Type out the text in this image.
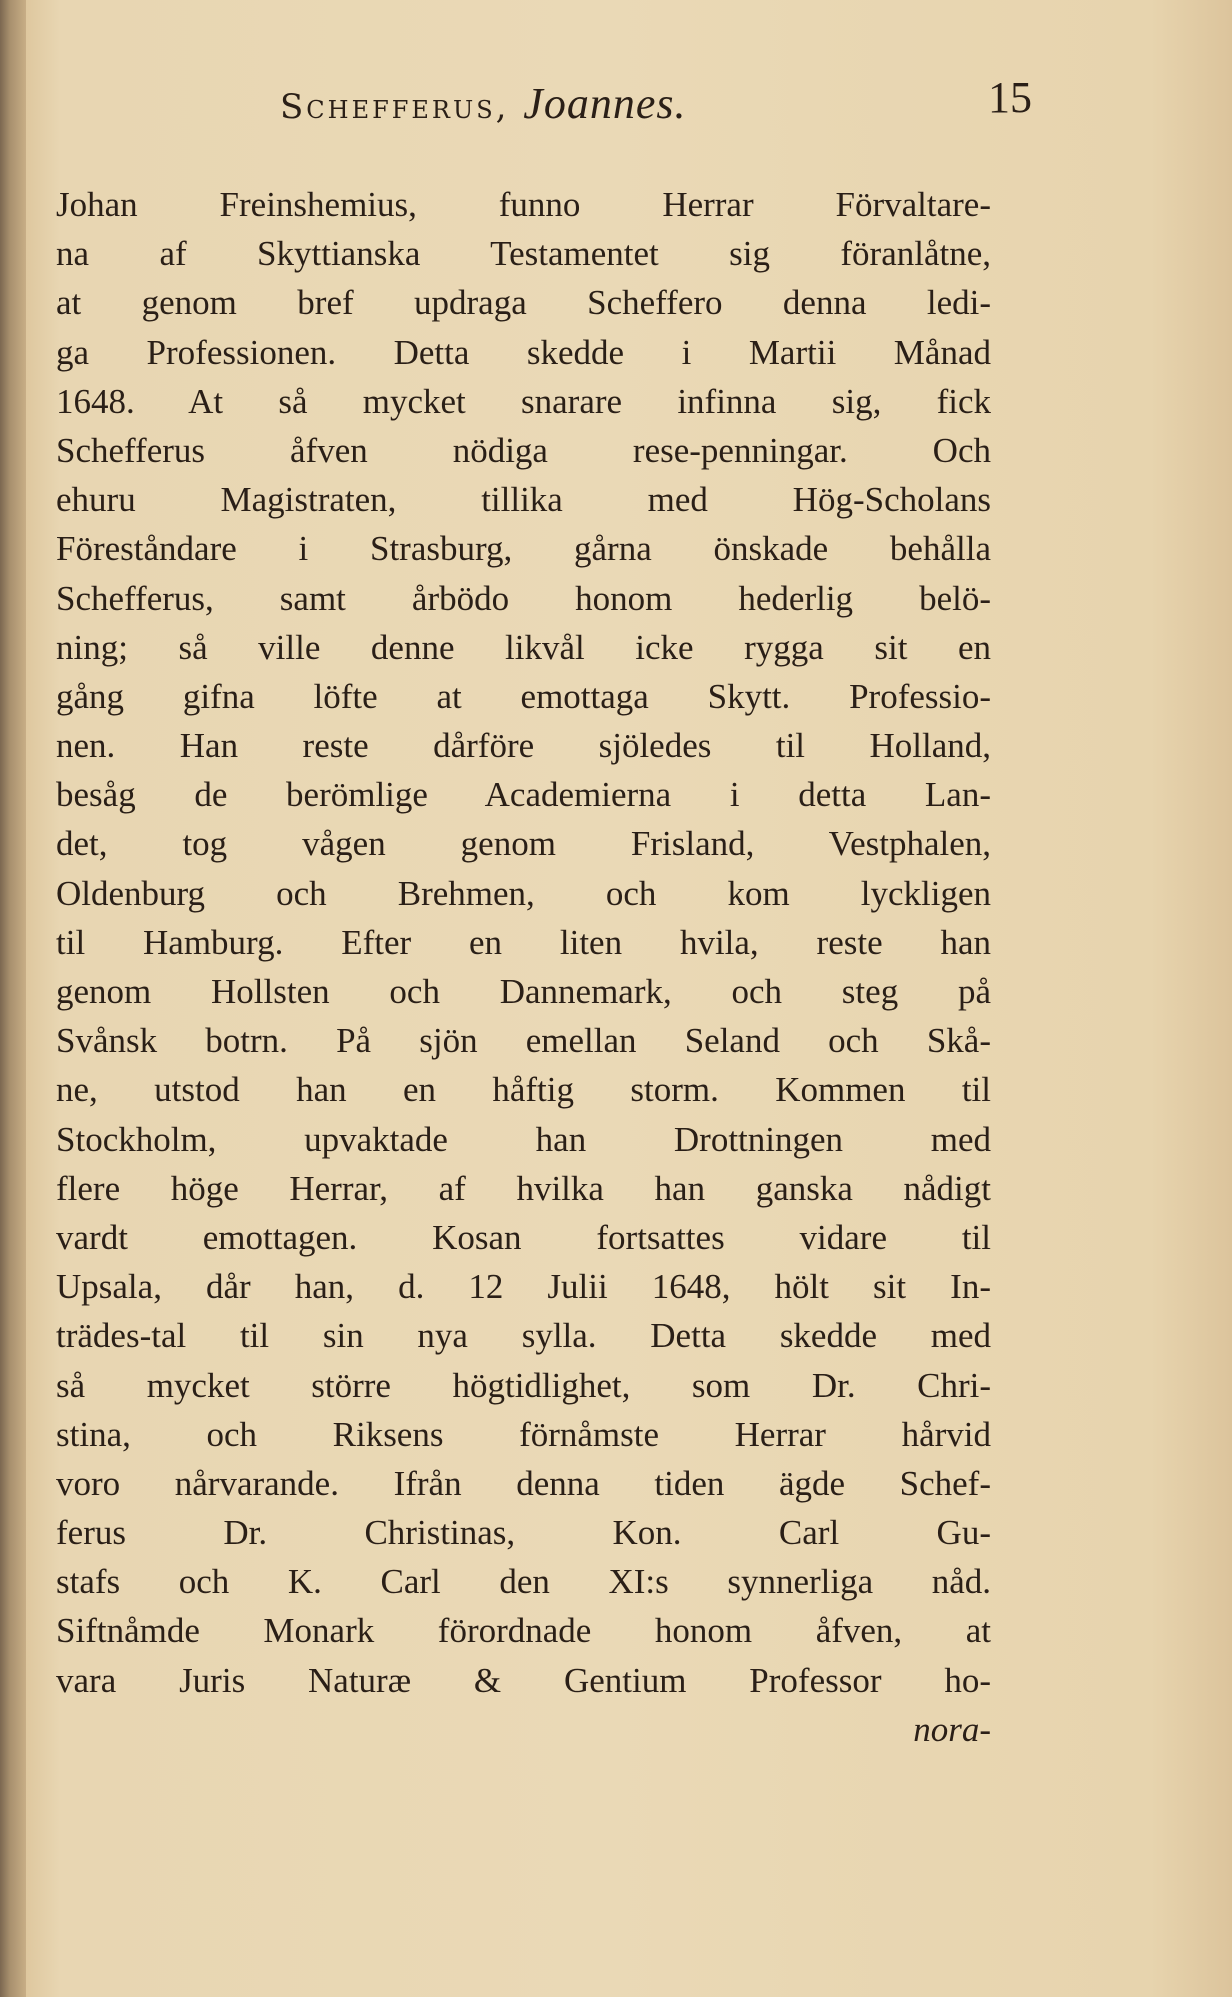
Schefferus, Joannes.	15
Johan Freinshemius, funno Herrar Förvaltare-
na af Skyttianska Testamentet sig föranlåtne,
at genom bref updraga Scheffero denna ledi-
ga Professionen. Detta skedde i Martii Månad
1648. At så mycket snarare infinna sig, fick
Schefferus åfven nödiga rese-penningar. Och
ehuru Magistraten, tillika med Hög-Scholans
Föreståndare i Strasburg, gårna önskade behålla
Schefferus, samt årbödo honom hederlig belö-
ning; så ville denne likvål icke rygga sit en
gång gifna löfte at emottaga Skytt. Professio-
nen. Han reste dårföre sjöledes til Holland,
besåg de berömlige Academierna i detta Lan-
det, tog vågen genom Frisland, Vestphalen,
Oldenburg och Brehmen, och kom lyckligen
til Hamburg. Efter en liten hvila, reste han
genom Hollsten och Dannemark, och steg på
Svånsk botrn. På sjön emellan Seland och Skå-
ne, utstod han en håftig storm. Kommen til
Stockholm, upvaktade han Drottningen med
flere höge Herrar, af hvilka han ganska nådigt
vardt emottagen. Kosan fortsattes vidare til
Upsala, dår han, d. 12 Julii 1648, hölt sit In-
trädes-tal til sin nya sylla. Detta skedde med
så mycket större högtidlighet, som Dr. Chri-
stina, och Riksens förnåmste Herrar hårvid
voro nårvarande. Ifrån denna tiden ägde Schef-
ferus Dr. Christinas, Kon. Carl Gu-
stafs och K. Carl den XI:s synnerliga nåd.
Siftnåmde Monark förordnade honom åfven, at
vara Juris Naturæ & Gentium Professor ho-
nora-
